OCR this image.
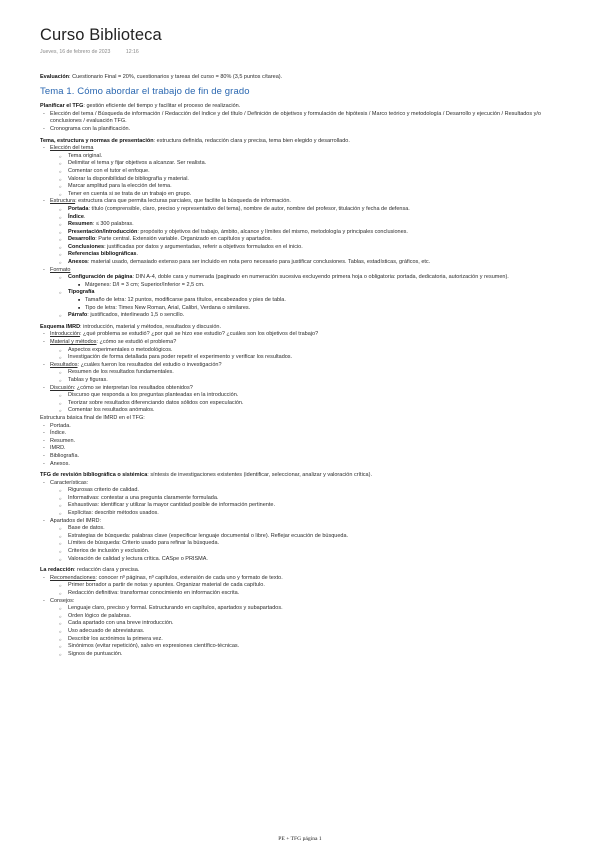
Curso Biblioteca
Jueves, 16 de febrero de 2023	12:16

Evaluación: Cuestionario Final = 20%, cuestionarios y tareas del curso = 80% (3,5 puntos c/tarea).

Tema 1. Cómo abordar el trabajo de fin de grado

Planificar el TFG: gestión eficiente del tiempo y facilitar el proceso de realización.

- Elección del tema / Búsqueda de información / Redacción del índice y del título / Definición de objetivos y formulación de hipótesis / Marco teórico y metodología / Desarrollo y ejecución / Resultados y/o conclusiones / evaluación TFG.
- Cronograma con la planificación.

Tema, estructura y normas de presentación: estructura definida, redacción clara y precisa, tema bien elegido y desarrollado.

- Elección del tema
○ Tema original.
○ Delimitar el tema y fijar objetivos a alcanzar. Ser realista.
○ Comentar con el tutor el enfoque.
○ Valorar la disponibilidad de bibliografía y material.
○ Marcar amplitud para la elección del tema.
○ Tener en cuenta si se trata de un trabajo en grupo.
- Estructura: estructura clara que permita lecturas parciales, que facilite la búsqueda de información.
○ Portada: título (comprensible, claro, preciso y representativo del tema), nombre de autor, nombre del profesor, titulación y fecha de defensa.
○ Índice.
○ Resumen: ≤ 300 palabras.
○ Presentación/Introducción: propósito y objetivos del trabajo, ámbito, alcance y límites del mismo, metodología y principales conclusiones.
○ Desarrollo: Parte central. Extensión variable. Organizado en capítulos y apartados.
○ Conclusiones: justificadas por datos y argumentadas, referir a objetivos formulados en el inicio.
○ Referencias bibliográficas.
○ Anexos: material usado, demasiado extenso para ser incluido en nota pero necesario para justificar conclusiones. Tablas, estadísticas, gráficos, etc.
- Formato
○ Configuración de página: DIN A-4, doble cara y numerada (paginado en numeración sucesiva excluyendo primera hoja o obligatoria: portada, dedicatoria, autorización y resumen).
■ Márgenes: D/I = 3 cm; Superior/Inferior = 2,5 cm.
○ Tipografía
■ Tamaño de letra: 12 puntos, modificarse para títulos, encabezados y pies de tabla.
■ Tipo de letra: Times New Roman, Arial, Calibri, Verdana o similares.
○ Párrafo: justificados, interlineado 1,5 o sencillo.

Esquema IMRD: introducción, material y métodos, resultados y discusión.

- Introducción: ¿qué problema se estudió? ¿por qué se hizo ese estudio? ¿cuáles son los objetivos del trabajo?
- Material y métodos: ¿cómo se estudió el problema?
○ Aspectos experimentales o metodológicos.
○ Investigación de forma detallada para poder repetir el experimento y verificar los resultados.
- Resultados: ¿cuáles fueron los resultados del estudio o investigación?
○ Resumen de los resultados fundamentales.
○ Tablas y figuras.
- Discusión: ¿cómo se interpretan los resultados obtenidos?
○ Discurso que responda a los preguntas planteadas en la introducción.
○ Teorizar sobre resultados diferenciando datos sólidos con especulación.
○ Comentar los resultados anómalos.

Estructura básica final de IMRD en el TFG:

- Portada.
- Índice.
- Resumen.
- IMRD.
- Bibliografía.
- Anexos.

TFG de revisión bibliográfica o sistémica: síntesis de investigaciones existentes (identificar, seleccionar, analizar y valoración crítica).

- Características:
○ Rigurosas criterio de calidad.
○ Informativas: contestar a una pregunta claramente formulada.
○ Exhaustivas: identificar y utilizar la mayor cantidad posible de información pertinente.
○ Explícitas: describir métodos usados.
- Apartados del IMRD:
○ Base de datos.
○ Estrategias de búsqueda: palabras clave (especificar lenguaje documental o libre). Reflejar ecuación de búsqueda.
○ Límites de búsqueda: Criterio usado para refinar la búsqueda.
○ Criterios de inclusión y exclusión.
○ Valoración de calidad y lectura crítica. CASpe o PRISMA.

La redacción: redacción clara y precisa.

- Recomendaciones: conocer nº páginas, nº capítulos, extensión de cada uno y formato de texto.
○ Primer borrador a partir de notas y apuntes. Organizar material de cada capítulo.
○ Redacción definitiva: transformar conocimiento en información escrita.
- Consejos:
○ Lenguaje claro, preciso y formal. Estructurando en capítulos, apartados y subapartados.
○ Orden lógico de palabras.
○ Cada apartado con una breve introducción.
○ Uso adecuado de abreviaturas.
○ Describir los acrónimos la primera vez.
○ Sinónimos (evitar repetición), salvo en expresiones científico-técnicas.
○ Signos de puntuación.
PE + TFG página 1
